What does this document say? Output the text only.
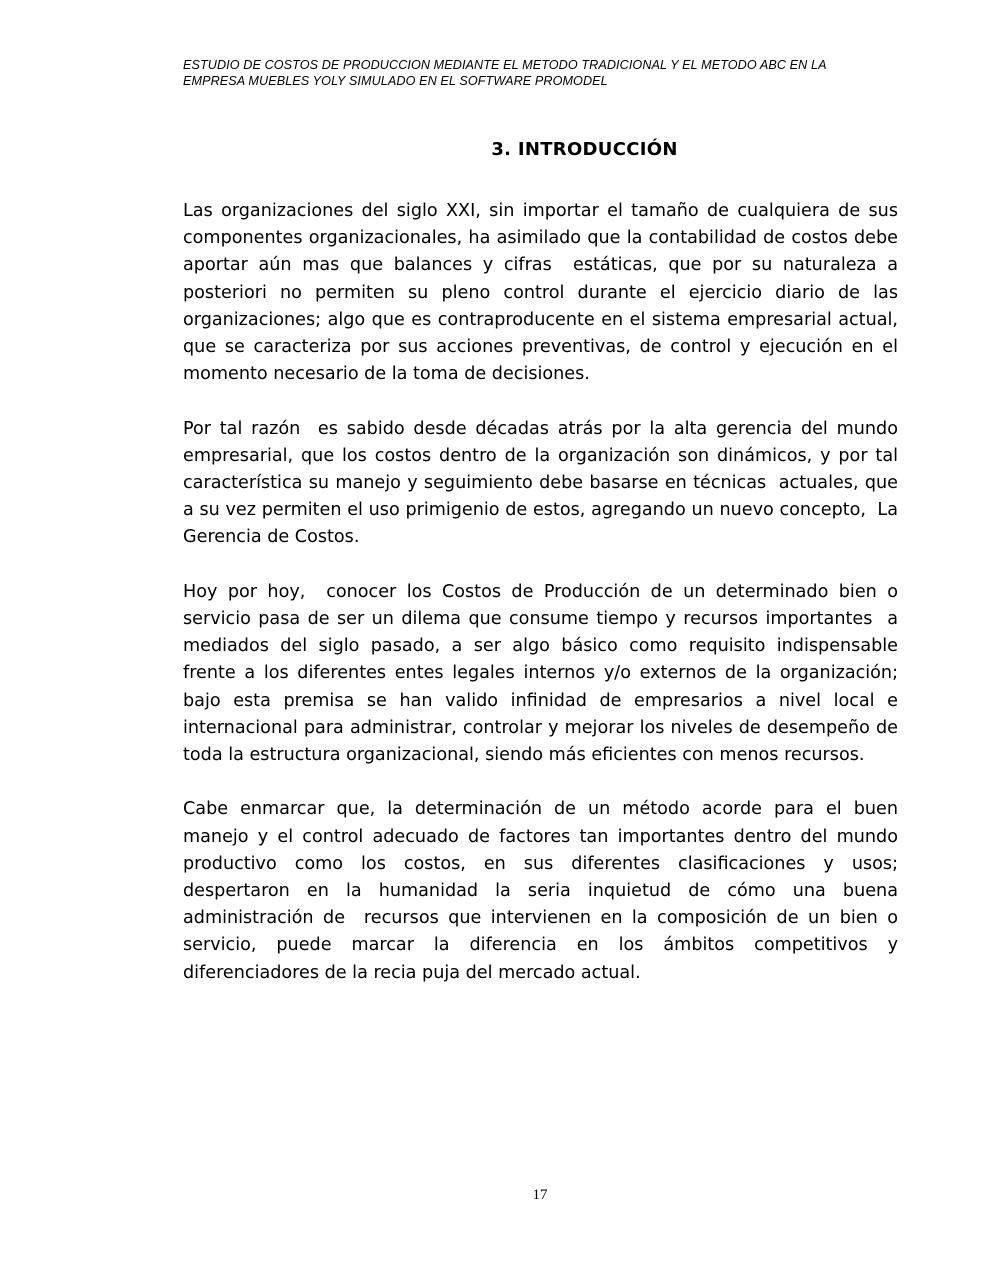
ESTUDIO DE COSTOS DE PRODUCCION MEDIANTE EL METODO TRADICIONAL Y EL METODO ABC EN LA
EMPRESA MUEBLES YOLY SIMULADO EN EL SOFTWARE PROMODEL
3. INTRODUCCIÓN

Las organizaciones del siglo XXI, sin importar el tamaño de cualquiera de sus componentes organizacionales, ha asimilado que la contabilidad de costos debe aportar aún mas que balances y cifras  estáticas, que por su naturaleza a posteriori no permiten su pleno control durante el ejercicio diario de las organizaciones; algo que es contraproducente en el sistema empresarial actual, que se caracteriza por sus acciones preventivas, de control y ejecución en el momento necesario de la toma de decisiones.

Por tal razón  es sabido desde décadas atrás por la alta gerencia del mundo empresarial, que los costos dentro de la organización son dinámicos, y por tal  característica su manejo y seguimiento debe basarse en técnicas  actuales, que a su vez permiten el uso primigenio de estos, agregando un nuevo concepto,  La Gerencia de Costos.

Hoy por hoy,  conocer los Costos de Producción de un determinado bien o servicio pasa de ser un dilema que consume tiempo y recursos importantes  a mediados del siglo pasado, a ser algo básico como requisito indispensable frente a los diferentes entes legales internos y/o externos de la organización;  bajo esta premisa se han valido infinidad de empresarios a nivel local e internacional para administrar, controlar y mejorar los niveles de desempeño de toda la estructura organizacional, siendo más eficientes con menos recursos.

Cabe enmarcar que, la determinación de un método acorde para el buen manejo y el control adecuado de factores tan importantes dentro del mundo productivo como los costos, en sus diferentes clasificaciones y usos; despertaron en la humanidad la seria inquietud de cómo una buena administración de  recursos que intervienen en la composición de un bien o servicio, puede marcar la diferencia en los ámbitos competitivos y diferenciadores de la recia puja del mercado actual.

17
